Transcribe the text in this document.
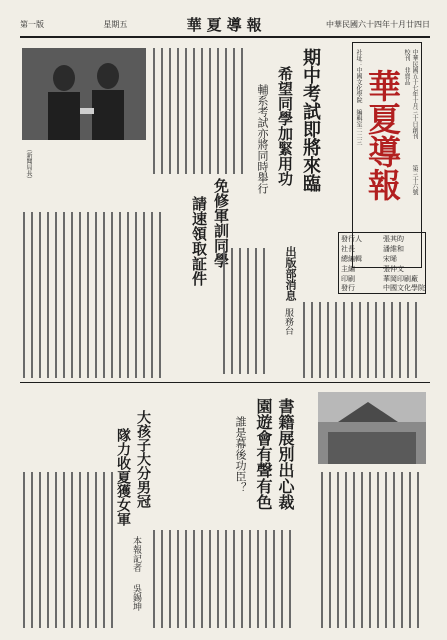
第一版	星期五	華夏導報	中華民國六十四年十月廿四日
中華民國五十七年十月三十日創刊
校刊　非賣品
華夏導報
社址：中國文化學院　編輯室二二三
第三十六號
發行人	張其昀
社長	潘維和
總編輯	宋晞
主編	張仲文
印刷	華岡印刷廠
發行	中國文化學院
（新聞局長）	期中考試即將來臨
希望同學加緊用功
輔系考試亦將同時舉行
免修軍訓同學
請速領取証件	出版部消息
服務台
大孩子大分男冠
隊力收夏獲女軍	書籍展別出心裁
園遊會有聲有色
誰是幕後功臣？
本報記者
吳錫坤
